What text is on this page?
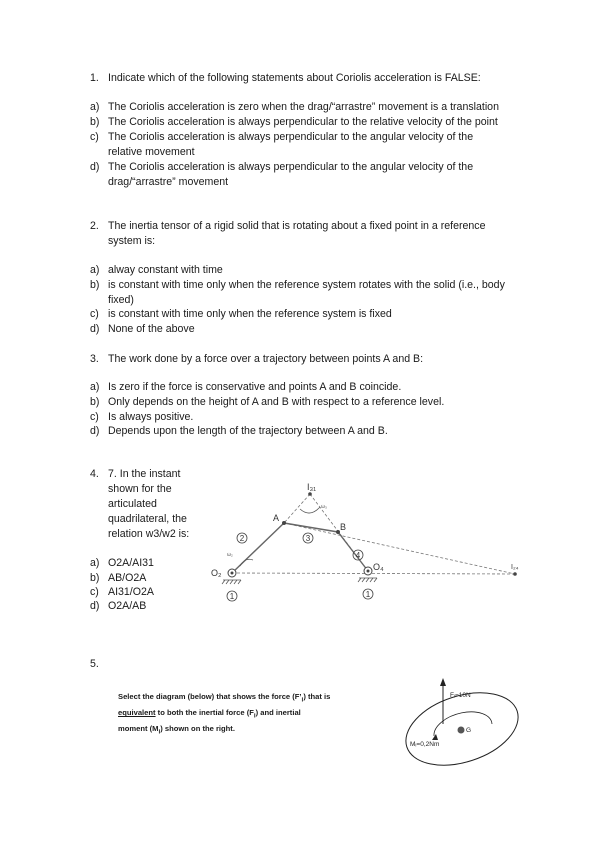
1. Indicate which of the following statements about Coriolis acceleration is FALSE:
a) The Coriolis acceleration is zero when the drag/“arrastre” movement is a translation
b) The Coriolis acceleration is always perpendicular to the relative velocity of the point
c) The Coriolis acceleration is always perpendicular to the angular velocity of the
relative movement
d) The Coriolis acceleration is always perpendicular to the angular velocity of the
drag/“arrastre” movement
2. The inertia tensor of a rigid solid that is rotating about a fixed point in a reference
system is:
a) alway constant with time
b) is constant with time only when the reference system rotates with the solid (i.e., body
fixed)
c) is constant with time only when the reference system is fixed
d) None of the above
3. The work done by a force over a trajectory between points A and B:
a) Is zero if the force is conservative and points A and B coincide.
b) Only depends on the height of A and B with respect to a reference level.
c) Is always positive.
d) Depends upon the length of the trajectory between A and B.
4. 7. In the instant
shown for the
articulated
quadrilateral, the
relation w3/w2 is:
a) O2A/AI31
b) AB/O2A
c) AI31/O2A
d) O2A/AB
2	3
4
1	1
I₃₁
A
B
O₂
O₄	I₂₄
ω₃
ω₂
5.
Select the diagram (below) that shows the force $(F’_i)$ that is
equivalent to both the inertial force $(F_i)$ and inertial
moment $(M_i)$ shown on the right.
Fᵢ=10N
G
Mᵢ=0,2Nm
